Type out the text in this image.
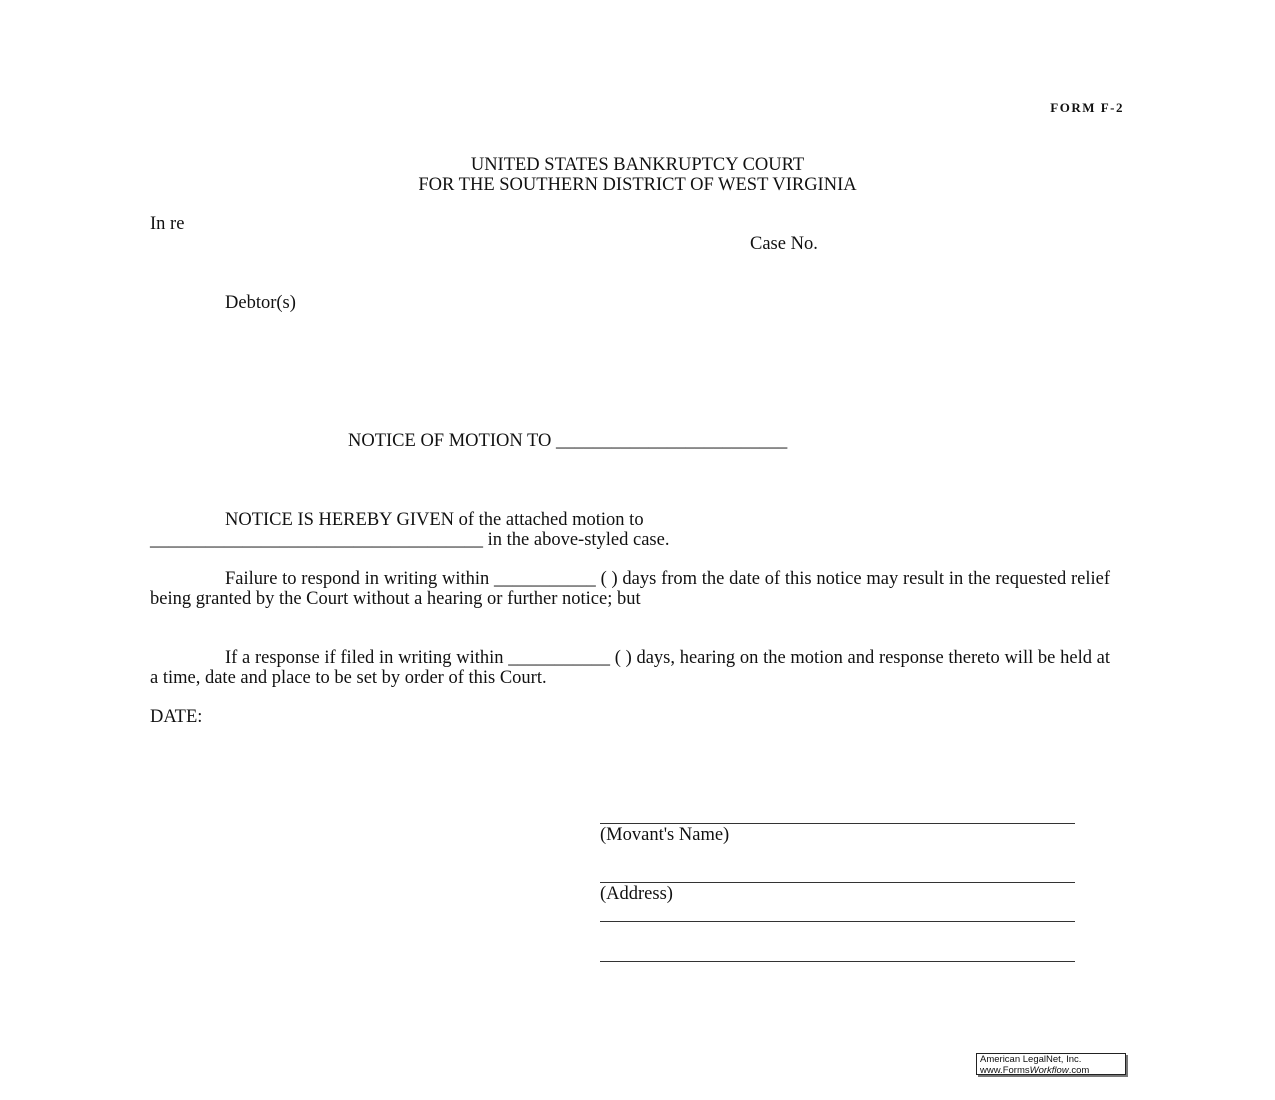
FORM F-2
UNITED STATES BANKRUPTCY COURT
FOR THE SOUTHERN DISTRICT OF WEST VIRGINIA
In re
Case No.
Debtor(s)
NOTICE OF MOTION TO _________________________
NOTICE IS HEREBY GIVEN of the attached motion to
____________________________________ in the above-styled case.
Failure to respond in writing within ___________ ( ) days from the date of this notice may result in the requested relief being granted by the Court without a hearing or further notice; but
If a response if filed in writing within ___________ ( ) days, hearing on the motion and response thereto will be held at a time, date and place to be set by order of this Court.
DATE:
(Movant's Name)
(Address)
American LegalNet, Inc.
www.FormsWorkflow.com
